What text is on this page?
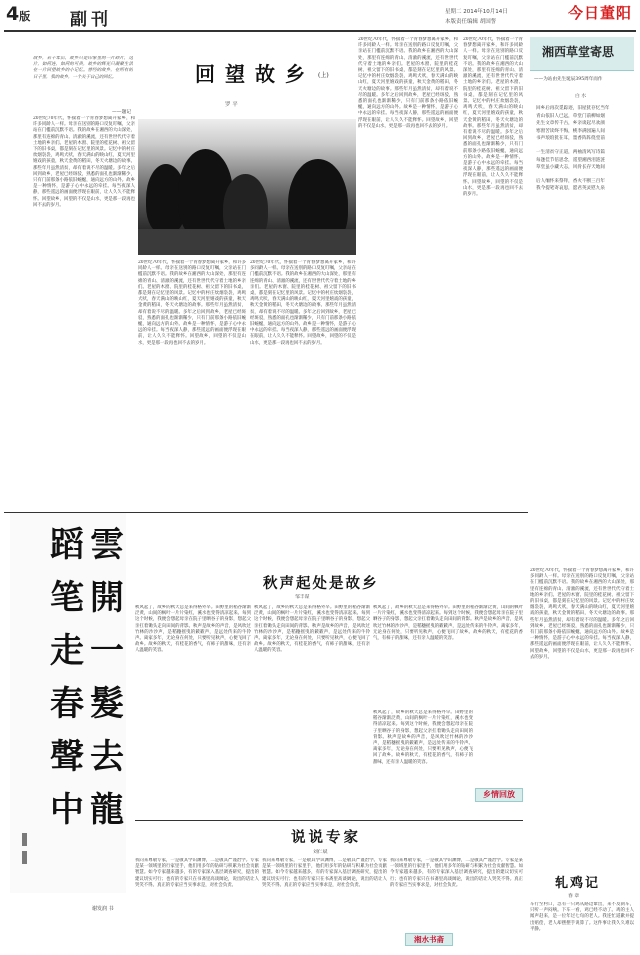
4版 副刊	星期二 2014年10月14日
本版责任编辑 胡国誓	今日董阳
回望故乡 (上)
罗 平
故乡，若干年后，故乡只是印象里的一片碎片，这片，如何连，如何的可贵，故乡的辉光只凝聚生活在一片回望故乡的小记忆。曾经的故乡，在所有的日子里，我的故乡，一个关于自己的回忆。
——题记
20世纪70年代，怀揣着一个青春梦想离开家乡，和许多同龄人一样。母亲在送别的路口反复叮嘱，父亲站在门槛前沉默不语。我的故乡在湘西的大山深处，那里有连绵的青山、清澈的溪流，还有世世代代守着土地的乡亲们。老屋的木窗、院里的桂花树、祖父留下的旧书桌，都是刻在记忆里的风景。记忆中的村庄炊烟袅袅，鸡鸣犬吠，春天满山的映山红，夏天河里嬉戏的孩童，秋天金黄的稻田，冬天火塘边的故事。那些年月虽然清贫，却有着说不尽的温暖。多年之后回到故乡，老屋已经斑驳，熟悉的面孔也渐渐稀少，只有门前那条小路依旧蜿蜒，通向远方的山外。故乡是一种情怀，是游子心中永远的牵挂。每当夜深人静，那些遥远的画面便浮现在眼前，让人久久不能释怀。回望故乡，回望的不仅是山水，更是那一段再也回不去的岁月。
20世纪70年代，怀揣着一个青春梦想离开家乡，和许多同龄人一样。母亲在送别的路口反复叮嘱，父亲站在门槛前沉默不语。我的故乡在湘西的大山深处，那里有连绵的青山、清澈的溪流，还有世世代代守着土地的乡亲们。老屋的木窗、院里的桂花树、祖父留下的旧书桌，都是刻在记忆里的风景。记忆中的村庄炊烟袅袅，鸡鸣犬吠，春天满山的映山红，夏天河里嬉戏的孩童，秋天金黄的稻田，冬天火塘边的故事。那些年月虽然清贫，却有着说不尽的温暖。多年之后回到故乡，老屋已经斑驳，熟悉的面孔也渐渐稀少，只有门前那条小路依旧蜿蜒，通向远方的山外。故乡是一种情怀，是游子心中永远的牵挂。每当夜深人静，那些遥远的画面便浮现在眼前，让人久久不能释怀。回望故乡，回望的不仅是山水，更是那一段再也回不去的岁月。
20世纪70年代，怀揣着一个青春梦想离开家乡，和许多同龄人一样。母亲在送别的路口反复叮嘱，父亲站在门槛前沉默不语。我的故乡在湘西的大山深处，那里有连绵的青山、清澈的溪流，还有世世代代守着土地的乡亲们。老屋的木窗、院里的桂花树、祖父留下的旧书桌，都是刻在记忆里的风景。记忆中的村庄炊烟袅袅，鸡鸣犬吠，春天满山的映山红，夏天河里嬉戏的孩童，秋天金黄的稻田，冬天火塘边的故事。那些年月虽然清贫，却有着说不尽的温暖。多年之后回到故乡，老屋已经斑驳，熟悉的面孔也渐渐稀少，只有门前那条小路依旧蜿蜒，通向远方的山外。故乡是一种情怀，是游子心中永远的牵挂。每当夜深人静，那些遥远的画面便浮现在眼前，让人久久不能释怀。回望故乡，回望的不仅是山水，更是那一段再也回不去的岁月。
20世纪70年代，怀揣着一个青春梦想离开家乡，和许多同龄人一样。母亲在送别的路口反复叮嘱，父亲站在门槛前沉默不语。我的故乡在湘西的大山深处，那里有连绵的青山、清澈的溪流，还有世世代代守着土地的乡亲们。老屋的木窗、院里的桂花树、祖父留下的旧书桌，都是刻在记忆里的风景。记忆中的村庄炊烟袅袅，鸡鸣犬吠，春天满山的映山红，夏天河里嬉戏的孩童，秋天金黄的稻田，冬天火塘边的故事。那些年月虽然清贫，却有着说不尽的温暖。多年之后回到故乡，老屋已经斑驳，熟悉的面孔也渐渐稀少，只有门前那条小路依旧蜿蜒，通向远方的山外。故乡是一种情怀，是游子心中永远的牵挂。每当夜深人静，那些遥远的画面便浮现在眼前，让人久久不能释怀。回望故乡，回望的不仅是山水，更是那一段再也回不去的岁月。
20世纪70年代，怀揣着一个青春梦想离开家乡，和许多同龄人一样。母亲在送别的路口反复叮嘱，父亲站在门槛前沉默不语。我的故乡在湘西的大山深处，那里有连绵的青山、清澈的溪流，还有世世代代守着土地的乡亲们。老屋的木窗、院里的桂花树、祖父留下的旧书桌，都是刻在记忆里的风景。记忆中的村庄炊烟袅袅，鸡鸣犬吠，春天满山的映山红，夏天河里嬉戏的孩童，秋天金黄的稻田，冬天火塘边的故事。那些年月虽然清贫，却有着说不尽的温暖。多年之后回到故乡，老屋已经斑驳，熟悉的面孔也渐渐稀少，只有门前那条小路依旧蜿蜒，通向远方的山外。故乡是一种情怀，是游子心中永远的牵挂。每当夜深人静，那些遥远的画面便浮现在眼前，让人久久不能释怀。回望故乡，回望的不仅是山水，更是那一段再也回不去的岁月。
湘西草堂寄思
——为站由先生诞辰395周年而作
白 水
回乡后再次觅踪迹，旧屋犹存忆当年
青山依旧人已远，草堂门前柳如烟
先生文章传千古，乡亲谈起尽欢颜
寒窗苦读终不悔，桃李满园遍人间
书声琅琅犹在耳，墨香阵阵绕堂前
一生清贫守正道，两袖清风写诗篇
每逢佳节倍思念，遥望湘西泪涟涟
草堂虽小藏大志，风骨长存天地间
后人缅怀来祭拜，香火不断三百年
我今提笔寄哀思，愿君英灵慰九泉
雲
開
一
髮
去
龍
蹈
笔
走
春
聲
中
谢发润 书
秋声起处是故乡
邹丰谋
秋风起了，故乡的秋天总是来得格外早。田野里的稻谷渐渐泛黄，山间的枫叶一片片染红，溪水也变得清凉起来。每到这个时候，我便会想起母亲在院子里晒谷子的身影，想起父亲扛着锄头走向田间的背影。秋声是故乡的声音，是风吹过竹林的沙沙声，是稻穗摇曳的簌簌声，是远处传来的牛铃声。离家多年，无论身在何处，只要听见秋声，心便飞回了故乡。故乡的秋天，有桂花的香气，有柿子的甜味，还有亲人温暖的笑容。
秋风起了，故乡的秋天总是来得格外早。田野里的稻谷渐渐泛黄，山间的枫叶一片片染红，溪水也变得清凉起来。每到这个时候，我便会想起母亲在院子里晒谷子的身影，想起父亲扛着锄头走向田间的背影。秋声是故乡的声音，是风吹过竹林的沙沙声，是稻穗摇曳的簌簌声，是远处传来的牛铃声。离家多年，无论身在何处，只要听见秋声，心便飞回了故乡。故乡的秋天，有桂花的香气，有柿子的甜味，还有亲人温暖的笑容。
秋风起了，故乡的秋天总是来得格外早。田野里的稻谷渐渐泛黄，山间的枫叶一片片染红，溪水也变得清凉起来。每到这个时候，我便会想起母亲在院子里晒谷子的身影，想起父亲扛着锄头走向田间的背影。秋声是故乡的声音，是风吹过竹林的沙沙声，是稻穗摇曳的簌簌声，是远处传来的牛铃声。离家多年，无论身在何处，只要听见秋声，心便飞回了故乡。故乡的秋天，有桂花的香气，有柿子的甜味，还有亲人温暖的笑容。
秋风起了，故乡的秋天总是来得格外早。田野里的稻谷渐渐泛黄，山间的枫叶一片片染红，溪水也变得清凉起来。每到这个时候，我便会想起母亲在院子里晒谷子的身影，想起父亲扛着锄头走向田间的背影。秋声是故乡的声音，是风吹过竹林的沙沙声，是稻穗摇曳的簌簌声，是远处传来的牛铃声。离家多年，无论身在何处，只要听见秋声，心便飞回了故乡。故乡的秋天，有桂花的香气，有柿子的甜味，还有亲人温暖的笑容。
乡情回放
说说专家
刘仁斌
我向来尊敬专家，一是敬其学识渊博，二是敬其严谨治学。专家是某一领域里的行家里手，他们用多年的钻研与积累为社会贡献智慧。如今专家越来越多，有的专家深入基层调查研究，提出的建议切实可行；也有的专家只在书斋里高谈阔论，说出的话让人哭笑不得。真正的专家应当实事求是，对社会负责。
我向来尊敬专家，一是敬其学识渊博，二是敬其严谨治学。专家是某一领域里的行家里手，他们用多年的钻研与积累为社会贡献智慧。如今专家越来越多，有的专家深入基层调查研究，提出的建议切实可行；也有的专家只在书斋里高谈阔论，说出的话让人哭笑不得。真正的专家应当实事求是，对社会负责。
我向来尊敬专家，一是敬其学识渊博，二是敬其严谨治学。专家是某一领域里的行家里手，他们用多年的钻研与积累为社会贡献智慧。如今专家越来越多，有的专家深入基层调查研究，提出的建议切实可行；也有的专家只在书斋里高谈阔论，说出的话让人哭笑不得。真正的专家应当实事求是，对社会负责。
湘水书斋
轧鸡记
春 章
车行至村口，忽有一只鸡从路边窜出，来不及刹车，只听一声闷响。下车一看，鸡已经不动了。鸡的主人闻声赶来，是一位年过七旬的老人。我连忙道歉并提出赔偿，老人却摆摆手说算了。这件事让我久久难以平静。
20世纪70年代，怀揣着一个青春梦想离开家乡，和许多同龄人一样。母亲在送别的路口反复叮嘱，父亲站在门槛前沉默不语。我的故乡在湘西的大山深处，那里有连绵的青山、清澈的溪流，还有世世代代守着土地的乡亲们。老屋的木窗、院里的桂花树、祖父留下的旧书桌，都是刻在记忆里的风景。记忆中的村庄炊烟袅袅，鸡鸣犬吠，春天满山的映山红，夏天河里嬉戏的孩童，秋天金黄的稻田，冬天火塘边的故事。那些年月虽然清贫，却有着说不尽的温暖。多年之后回到故乡，老屋已经斑驳，熟悉的面孔也渐渐稀少，只有门前那条小路依旧蜿蜒，通向远方的山外。故乡是一种情怀，是游子心中永远的牵挂。每当夜深人静，那些遥远的画面便浮现在眼前，让人久久不能释怀。回望故乡，回望的不仅是山水，更是那一段再也回不去的岁月。
